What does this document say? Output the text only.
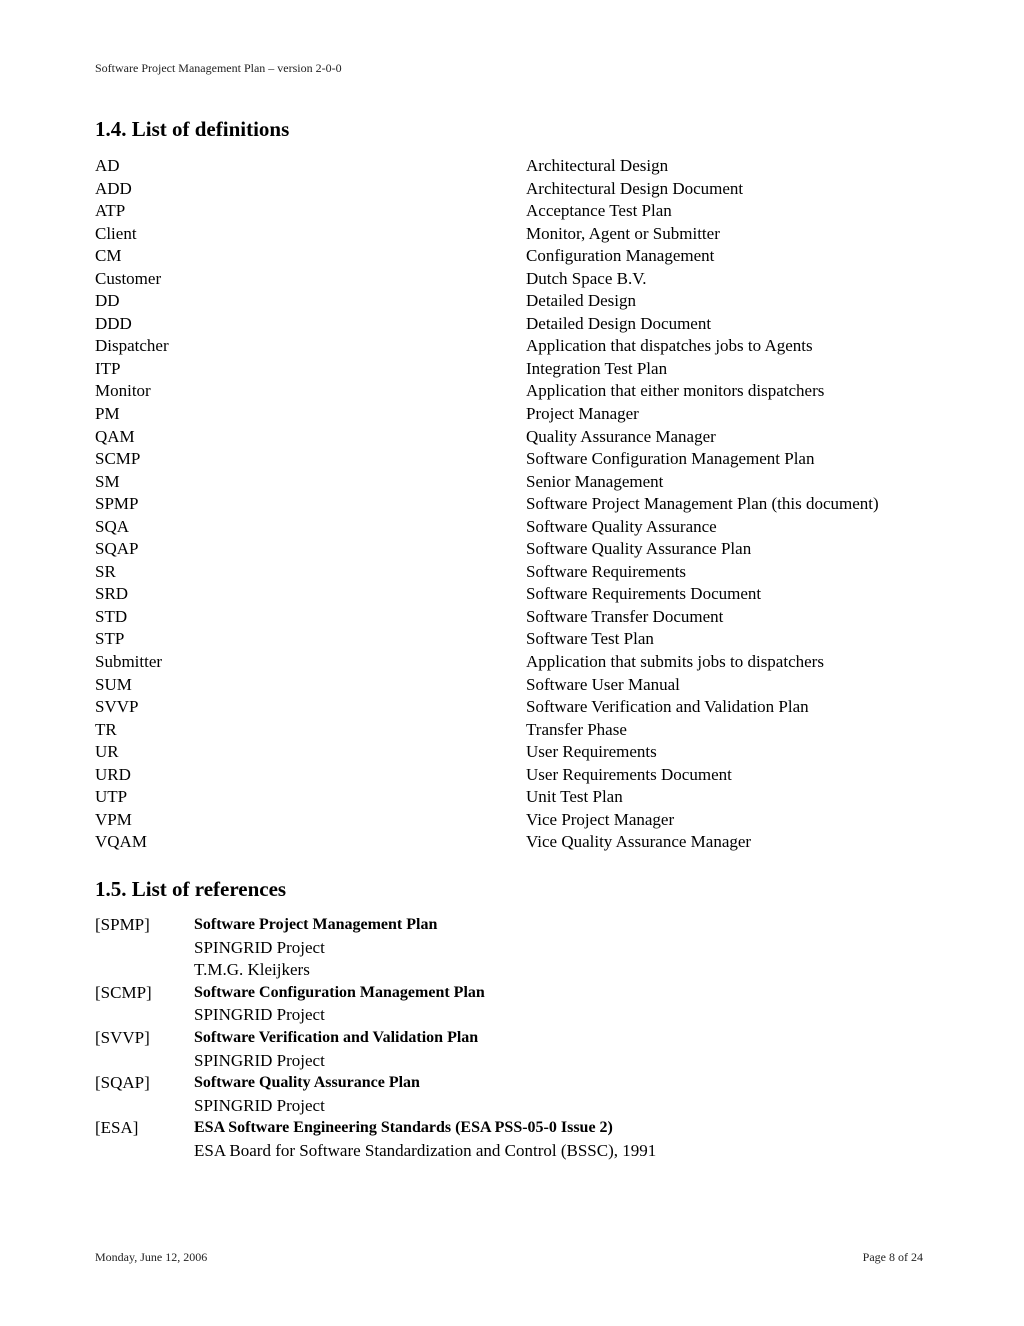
Software Project Management Plan – version 2-0-0
1.4. List of definitions
AD	Architectural Design
ADD	Architectural Design Document
ATP	Acceptance Test Plan
Client	Monitor, Agent or Submitter
CM	Configuration Management
Customer	Dutch Space B.V.
DD	Detailed Design
DDD	Detailed Design Document
Dispatcher	Application that dispatches jobs to Agents
ITP	Integration Test Plan
Monitor	Application that either monitors dispatchers
PM	Project Manager
QAM	Quality Assurance Manager
SCMP	Software Configuration Management Plan
SM	Senior Management
SPMP	Software Project Management Plan (this document)
SQA	Software Quality Assurance
SQAP	Software Quality Assurance Plan
SR	Software Requirements
SRD	Software Requirements Document
STD	Software Transfer Document
STP	Software Test Plan
Submitter	Application that submits jobs to dispatchers
SUM	Software User Manual
SVVP	Software Verification and Validation Plan
TR	Transfer Phase
UR	User Requirements
URD	User Requirements Document
UTP	Unit Test Plan
VPM	Vice Project Manager
VQAM	Vice Quality Assurance Manager
1.5. List of references
[SPMP]	Software Project Management Plan
SPINGRID Project
T.M.G. Kleijkers
[SCMP]	Software Configuration Management Plan
SPINGRID Project
[SVVP]	Software Verification and Validation Plan
SPINGRID Project
[SQAP]	Software Quality Assurance Plan
SPINGRID Project
[ESA]	ESA Software Engineering Standards (ESA PSS-05-0 Issue 2)
ESA Board for Software Standardization and Control (BSSC), 1991
Monday, June 12, 2006	Page 8 of 24
